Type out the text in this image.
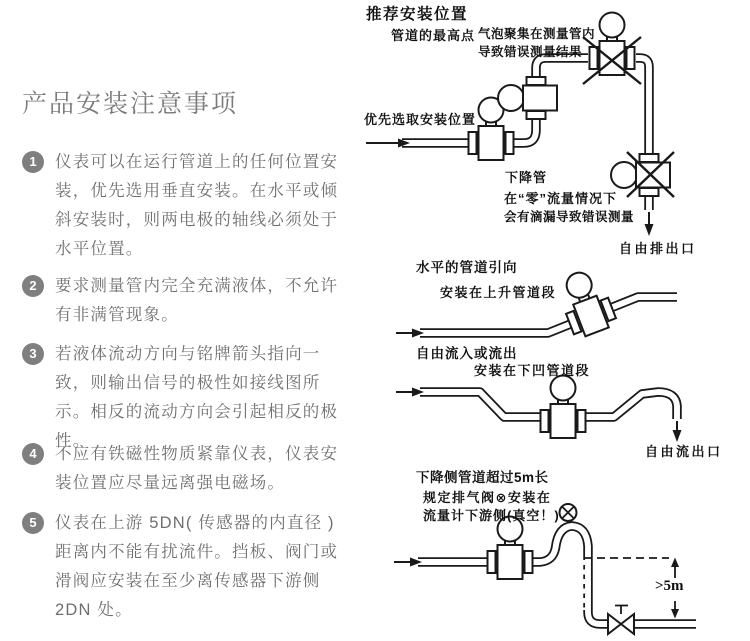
产品安装注意事项
1	仪表可以在运行管道上的任何位置安装，优先选用垂直安装。在水平或倾斜安装时，则两电极的轴线必须处于水平位置。
2	要求测量管内完全充满液体，不允许有非满管现象。
3	若液体流动方向与铭牌箭头指向一致，则输出信号的极性如接线图所示。相反的流动方向会引起相反的极性。
4	不应有铁磁性物质紧靠仪表，仪表安装位置应尽量远离强电磁场。
5	仪表在上游 5DN( 传感器的内直径 ) 距离内不能有扰流件。挡板、阀门或滑阀应安装在至少离传感器下游侧 2DN 处。
推荐安装位置
管道的最高点 气泡聚集在测量管内
导致错误测量结果
优先选取安装位置
下降管
在“零”流量情况下
会有滴漏导致错误测量
自由排出口
水平的管道引向
安装在上升管道段
自由流入或流出
安装在下凹管道段
自由流出口
下降侧管道超过5m长
规定排气阀⊗安装在
流量计下游侧(真空！)
>5m
